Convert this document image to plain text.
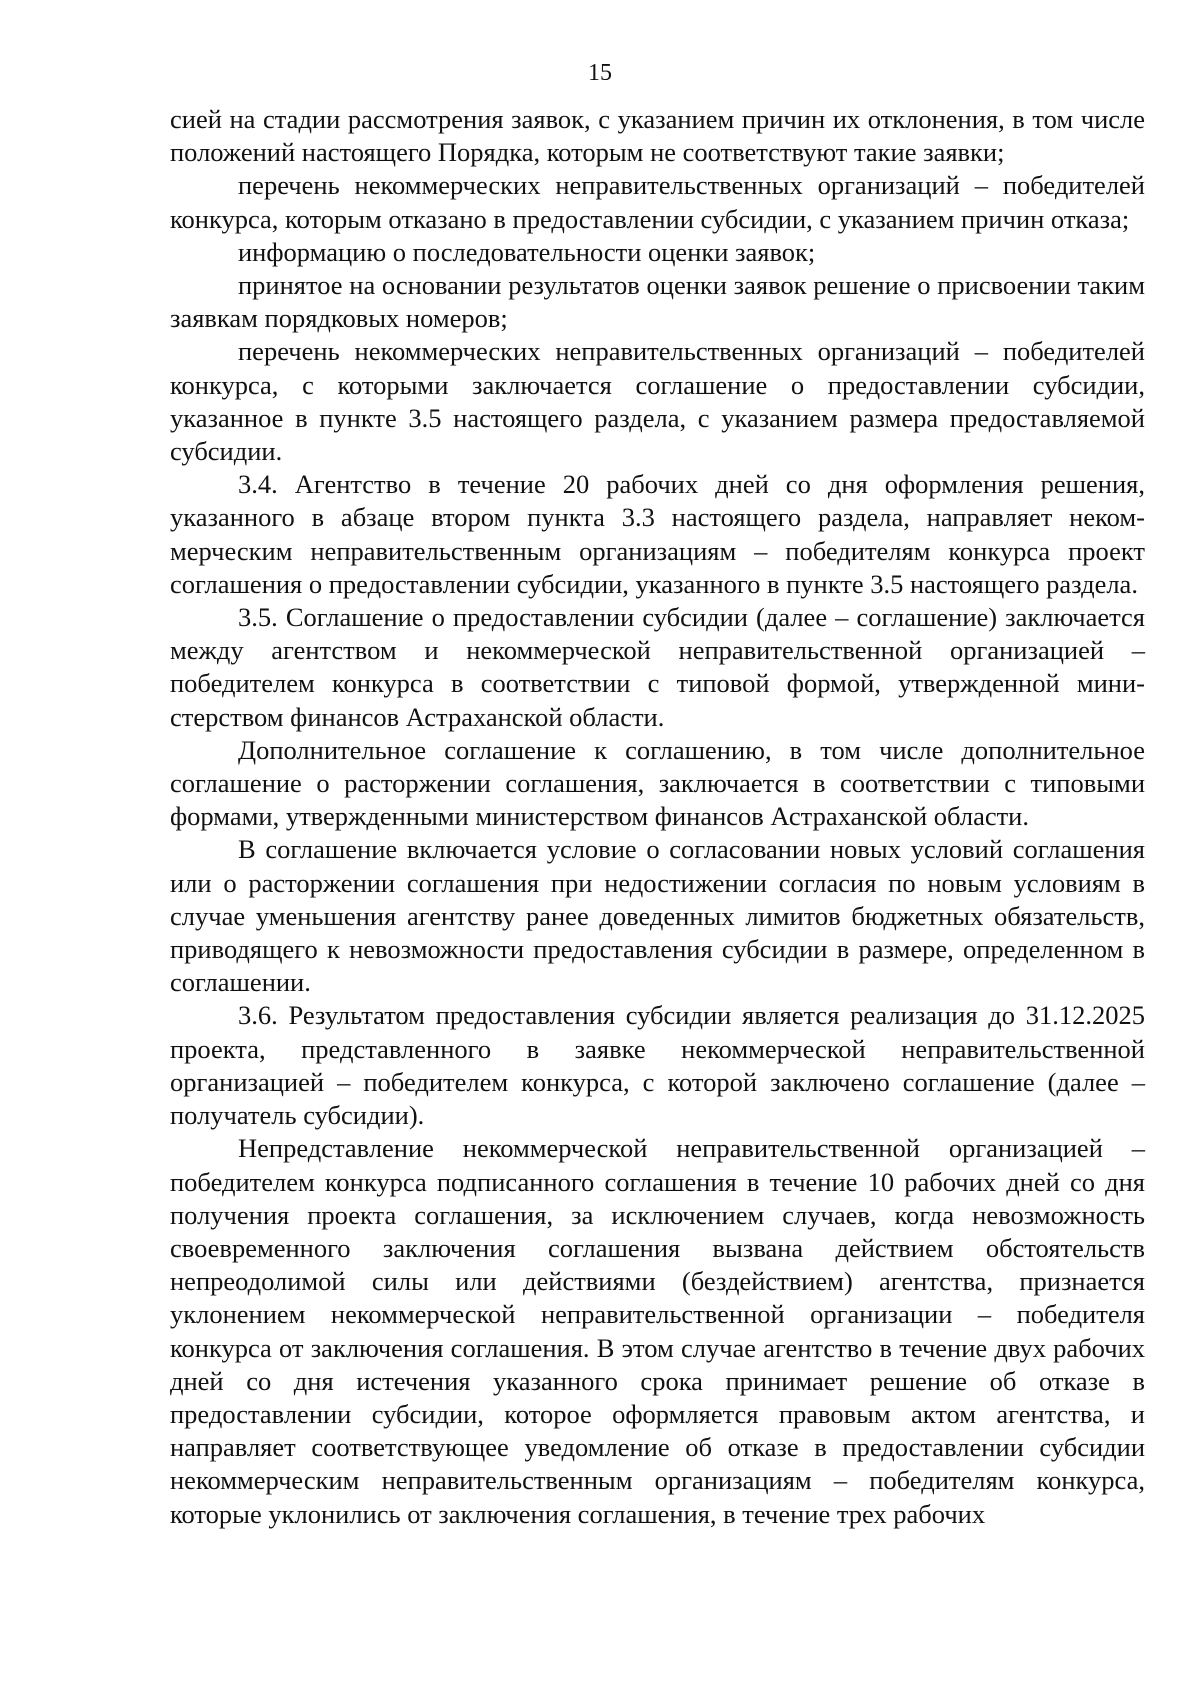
15

сией на стадии рассмотрения заявок, с указанием причин их отклонения, в том числе положений настоящего Порядка, которым не соответствуют такие заявки;

перечень некоммерческих неправительственных организаций – победителей конкурса, которым отказано в предоставлении субсидии, с указанием причин отказа;

информацию о последовательности оценки заявок;

принятое на основании результатов оценки заявок решение о присвоении таким заявкам порядковых номеров;

перечень некоммерческих неправительственных организаций – победителей конкурса, с которыми заключается соглашение о предоставлении субсидии, указанное в пункте 3.5 настоящего раздела, с указанием размера предоставляемой субсидии.

3.4. Агентство в течение 20 рабочих дней со дня оформления решения, указанного в абзаце втором пункта 3.3 настоящего раздела, направляет некоммерческим неправительственным организациям – победителям конкурса проект соглашения о предоставлении субсидии, указанного в пункте 3.5 настоящего раздела.

3.5. Соглашение о предоставлении субсидии (далее – соглашение) заключается между агентством и некоммерческой неправительственной организацией – победителем конкурса в соответствии с типовой формой, утвержденной министерством финансов Астраханской области.

Дополнительное соглашение к соглашению, в том числе дополнительное соглашение о расторжении соглашения, заключается в соответствии с типовыми формами, утвержденными министерством финансов Астраханской области.

В соглашение включается условие о согласовании новых условий соглашения или о расторжении соглашения при недостижении согласия по новым условиям в случае уменьшения агентству ранее доведенных лимитов бюджетных обязательств, приводящего к невозможности предоставления субсидии в размере, определенном в соглашении.

3.6. Результатом предоставления субсидии является реализация до 31.12.2025 проекта, представленного в заявке некоммерческой неправительственной организацией – победителем конкурса, с которой заключено соглашение (далее – получатель субсидии).

Непредставление некоммерческой неправительственной организацией – победителем конкурса подписанного соглашения в течение 10 рабочих дней со дня получения проекта соглашения, за исключением случаев, когда невозможность своевременного заключения соглашения вызвана действием обстоятельств непреодолимой силы или действиями (бездействием) агентства, признается уклонением некоммерческой неправительственной организации – победителя конкурса от заключения соглашения. В этом случае агентство в течение двух рабочих дней со дня истечения указанного срока принимает решение об отказе в предоставлении субсидии, которое оформляется правовым актом агентства, и направляет соответствующее уведомление об отказе в предоставлении субсидии некоммерческим неправительственным организациям – победителям конкурса, которые уклонились от заключения соглашения, в течение трех рабочих
